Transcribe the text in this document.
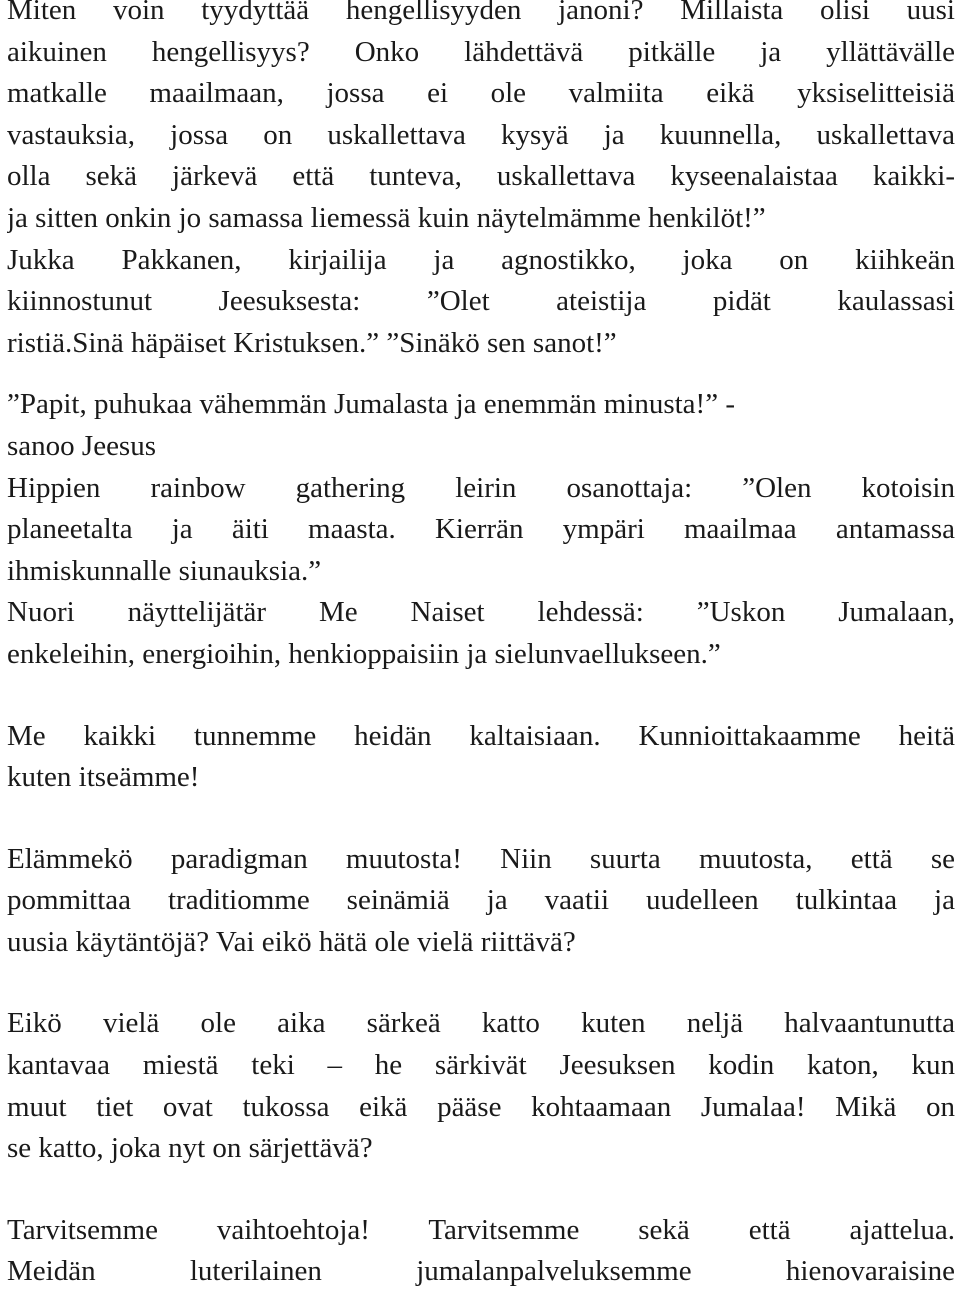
Miten voin tyydyttää hengellisyyden janoni? Millaista olisi uusi
aikuinen hengellisyys? Onko lähdettävä pitkälle ja yllättävälle
matkalle maailmaan, jossa ei ole valmiita eikä yksiselitteisiä
vastauksia, jossa on uskallettava kysyä ja kuunnella, uskallettava
olla sekä järkevä että tunteva, uskallettava kyseenalaistaa kaikki-
ja sitten onkin jo samassa liemessä kuin näytelmämme henkilöt!”
Jukka Pakkanen, kirjailija ja agnostikko, joka on kiihkeän
kiinnostunut Jeesuksesta: ”Olet ateistija pidät kaulassasi
ristiä.Sinä häpäiset Kristuksen.” ”Sinäkö sen sanot!”
”Papit, puhukaa vähemmän Jumalasta ja enemmän minusta!” -
sanoo Jeesus
Hippien rainbow gathering leirin osanottaja: ”Olen kotoisin
planeetalta ja äiti maasta. Kierrän ympäri maailmaa antamassa
ihmiskunnalle siunauksia.”
Nuori näyttelijätär Me Naiset lehdessä: ”Uskon Jumalaan,
enkeleihin, energioihin, henkioppaisiin ja sielunvaellukseen.”
Me kaikki tunnemme heidän kaltaisiaan. Kunnioittakaamme heitä
kuten itseämme!
Elämmekö paradigman muutosta! Niin suurta muutosta, että se
pommittaa traditiomme seinämiä ja vaatii uudelleen tulkintaa ja
uusia käytäntöjä? Vai eikö hätä ole vielä riittävä?
Eikö vielä ole aika särkeä katto kuten neljä halvaantunutta
kantavaa miestä teki – he särkivät Jeesuksen kodin katon, kun
muut tiet ovat tukossa eikä pääse kohtaamaan Jumalaa! Mikä on
se katto, joka nyt on särjettävä?
Tarvitsemme vaihtoehtoja! Tarvitsemme sekä että ajattelua.
Meidän luterilainen jumalanpalveluksemme hienovaraisine
